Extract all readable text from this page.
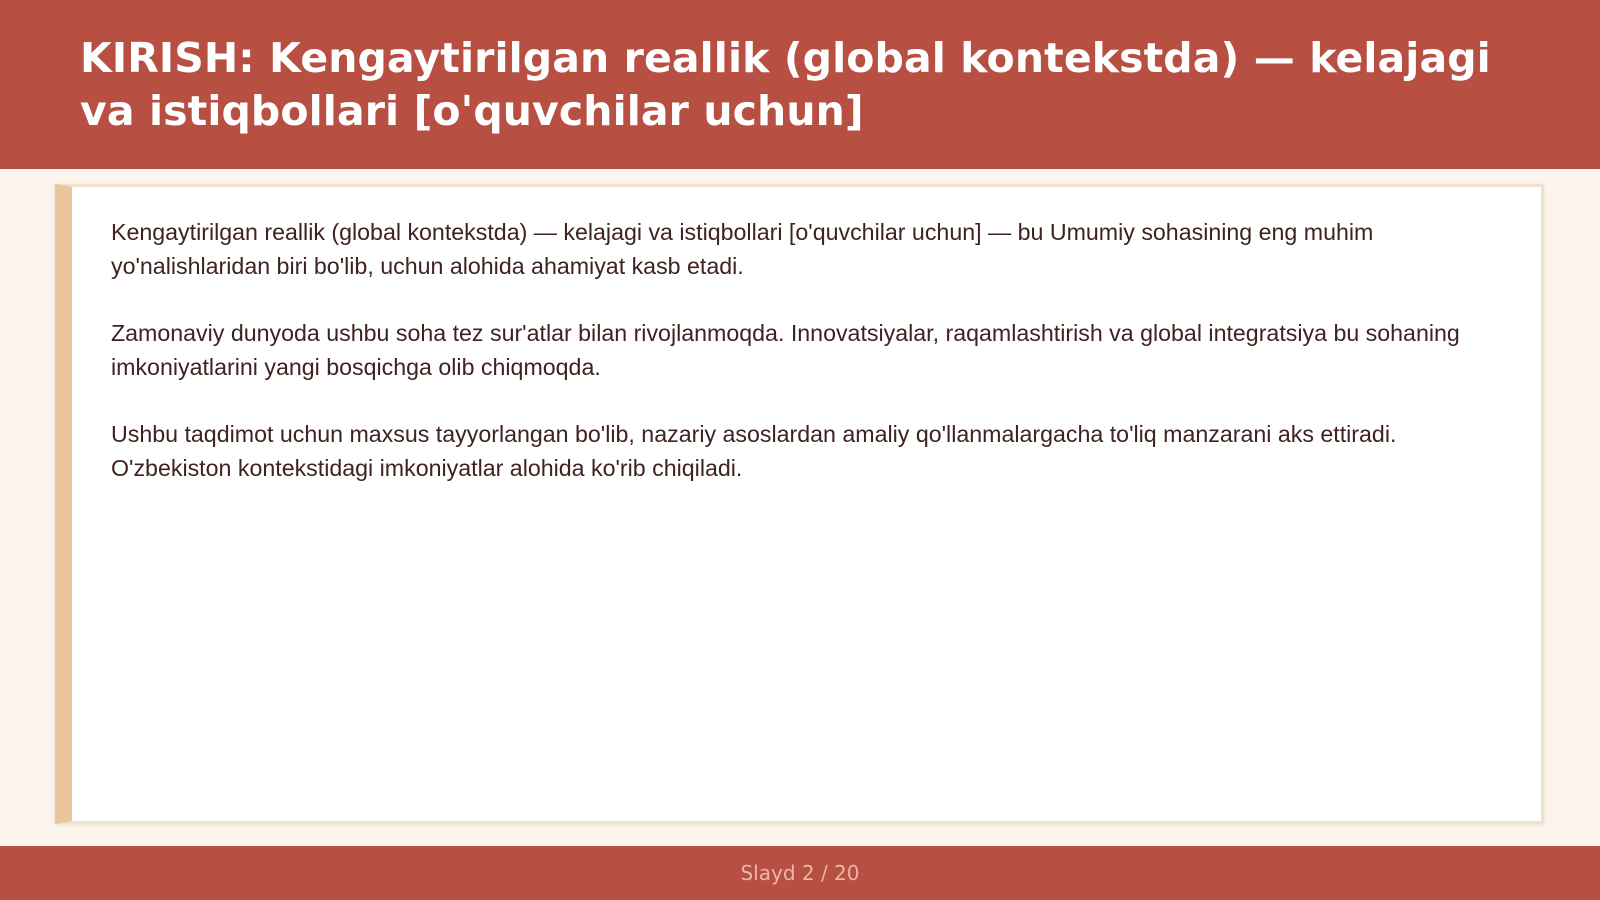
KIRISH: Kengaytirilgan reallik (global kontekstda) — kelajagi va istiqbollari [o'quvchilar uchun]

Kengaytirilgan reallik (global kontekstda) — kelajagi va istiqbollari [o'quvchilar uchun] — bu Umumiy sohasining eng muhim yo'nalishlaridan biri bo'lib, uchun alohida ahamiyat kasb etadi.

Zamonaviy dunyoda ushbu soha tez sur'atlar bilan rivojlanmoqda. Innovatsiyalar, raqamlashtirish va global integratsiya bu sohaning imkoniyatlarini yangi bosqichga olib chiqmoqda.

Ushbu taqdimot uchun maxsus tayyorlangan bo'lib, nazariy asoslardan amaliy qo'llanmalargacha to'liq manzarani aks ettiradi. O'zbekiston kontekstidagi imkoniyatlar alohida ko'rib chiqiladi.

Slayd 2 / 20
